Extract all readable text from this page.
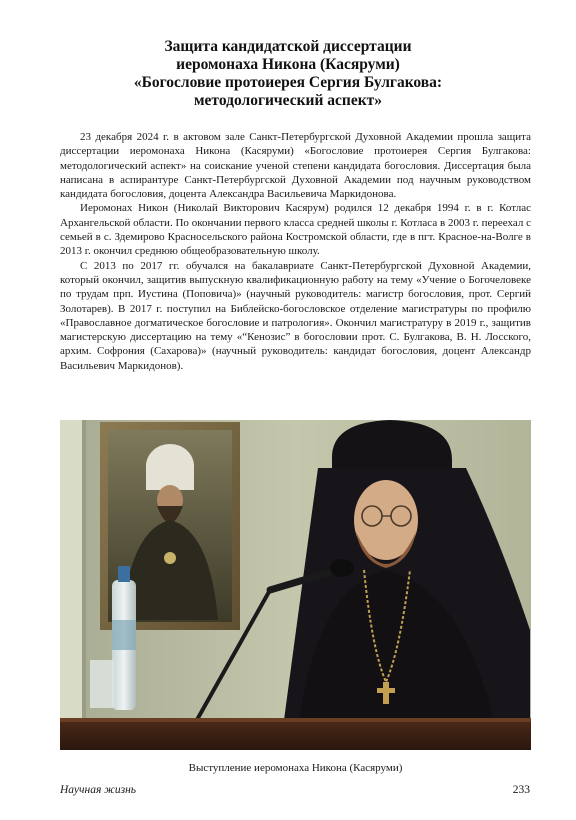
Защита кандидатской диссертации
иеромонаха Никона (Касяруми)
«Богословие протоиерея Сергия Булгакова:
методологический аспект»

23 декабря 2024 г. в актовом зале Санкт-Петербургской Духовной Академии прошла защита диссертации иеромонаха Никона (Касяруми) «Богословие протоиерея Сергия Булгакова: методологический аспект» на соискание ученой степени кандидата богословия. Диссертация была написана в аспирантуре Санкт-Петербургской Духовной Академии под научным руководством кандидата богословия, доцента Александра Васильевича Маркидонова.

Иеромонах Никон (Николай Викторович Касярум) родился 12 декабря 1994 г. в г. Котлас Архангельской области. По окончании первого класса средней школы г. Котласа в 2003 г. переехал с семьей в с. Здемирово Красносельского района Костромской области, где в пгт. Красное-на-Волге в 2013 г. окончил среднюю общеобразовательную школу.

С 2013 по 2017 гг. обучался на бакалавриате Санкт-Петербургской Духовной Академии, который окончил, защитив выпускную квалификационную работу на тему «Учение о Богочеловеке по трудам прп. Иустина (Поповича)» (научный руководитель: магистр богословия, прот. Сергий Золотарев). В 2017 г. поступил на Библейско-богословское отделение магистратуры по профилю «Православное догматическое богословие и патрология». Окончил магистратуру в 2019 г., защитив магистерскую диссертацию на тему «“Кенозис” в богословии прот. С. Булгакова, В. Н. Лосского, архим. Софрония (Сахарова)» (научный руководитель: кандидат богословия, доцент Александр Васильевич Маркидонов).

Выступление иеромонаха Никона (Касяруми)
Научная жизнь	233
